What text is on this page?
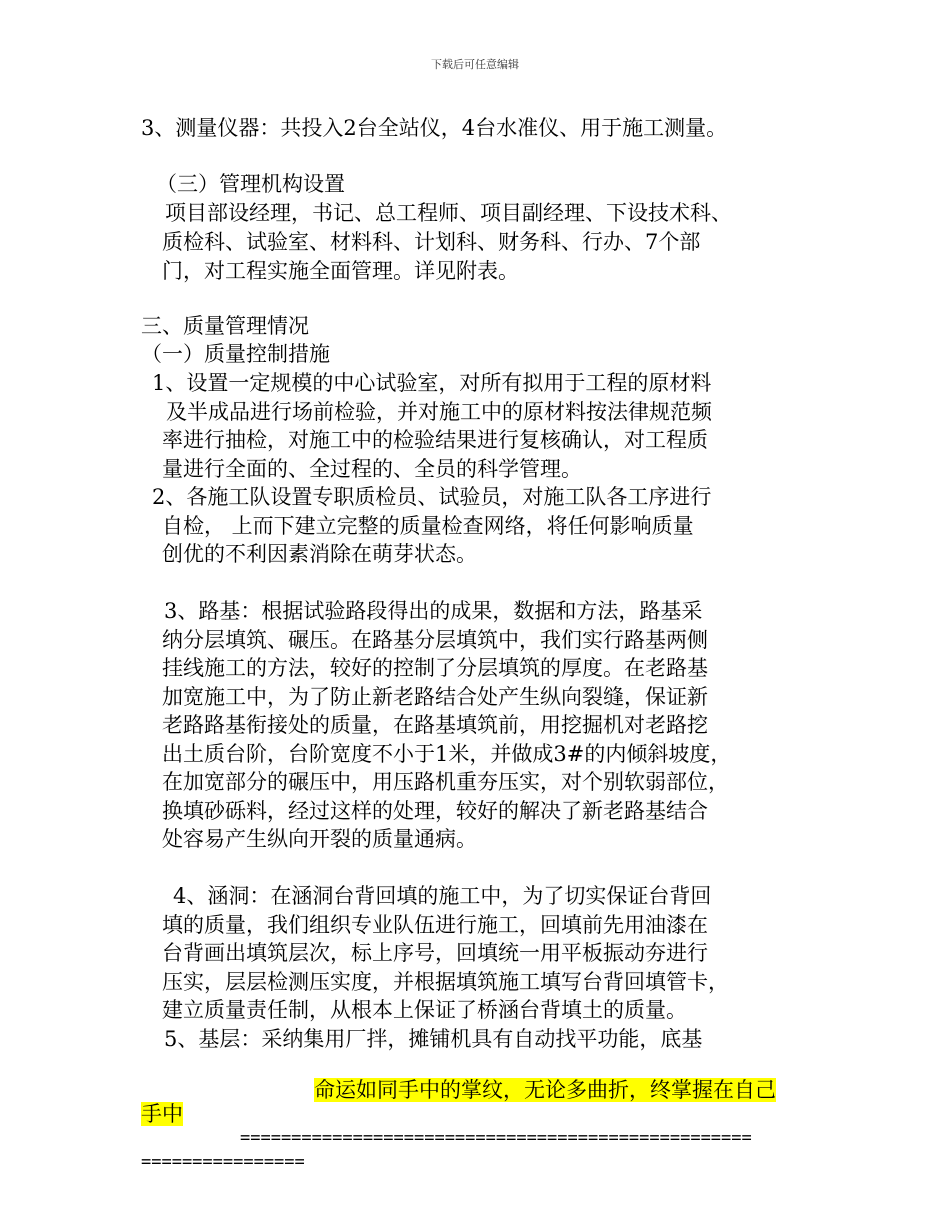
下载后可任意编辑
3、测量仪器：共投入2台全站仪，4台水准仪、用于施工测量。
（三）管理机构设置
项目部设经理，书记、总工程师、项目副经理、下设技术科、
质检科、试验室、材料科、计划科、财务科、行办、7个部
门，对工程实施全面管理。详见附表。
三、质量管理情况
（一）质量控制措施
1、设置一定规模的中心试验室，对所有拟用于工程的原材料
及半成品进行场前检验，并对施工中的原材料按法律规范频
率进行抽检，对施工中的检验结果进行复核确认，对工程质
量进行全面的、全过程的、全员的科学管理。
2、各施工队设置专职质检员、试验员，对施工队各工序进行
自检， 上而下建立完整的质量检查网络，将任何影响质量
创优的不利因素消除在萌芽状态。
3、路基：根据试验路段得出的成果，数据和方法，路基采
纳分层填筑、碾压。在路基分层填筑中，我们实行路基两侧
挂线施工的方法，较好的控制了分层填筑的厚度。在老路基
加宽施工中，为了防止新老路结合处产生纵向裂缝，保证新
老路路基衔接处的质量，在路基填筑前，用挖掘机对老路挖
出土质台阶，台阶宽度不小于1米，并做成3#的内倾斜坡度，
在加宽部分的碾压中，用压路机重夯压实，对个别软弱部位，
换填砂砾料，经过这样的处理，较好的解决了新老路基结合
处容易产生纵向开裂的质量通病。
4、涵洞：在涵洞台背回填的施工中，为了切实保证台背回
填的质量，我们组织专业队伍进行施工，回填前先用油漆在
台背画出填筑层次，标上序号，回填统一用平板振动夯进行
压实，层层检测压实度，并根据填筑施工填写台背回填管卡，
建立质量责任制，从根本上保证了桥涵台背填土的质量。
5、基层：采纳集用厂拌，摊铺机具有自动找平功能，底基
命运如同手中的掌纹，无论多曲折，终掌握在自己
手中
==================================================
================
